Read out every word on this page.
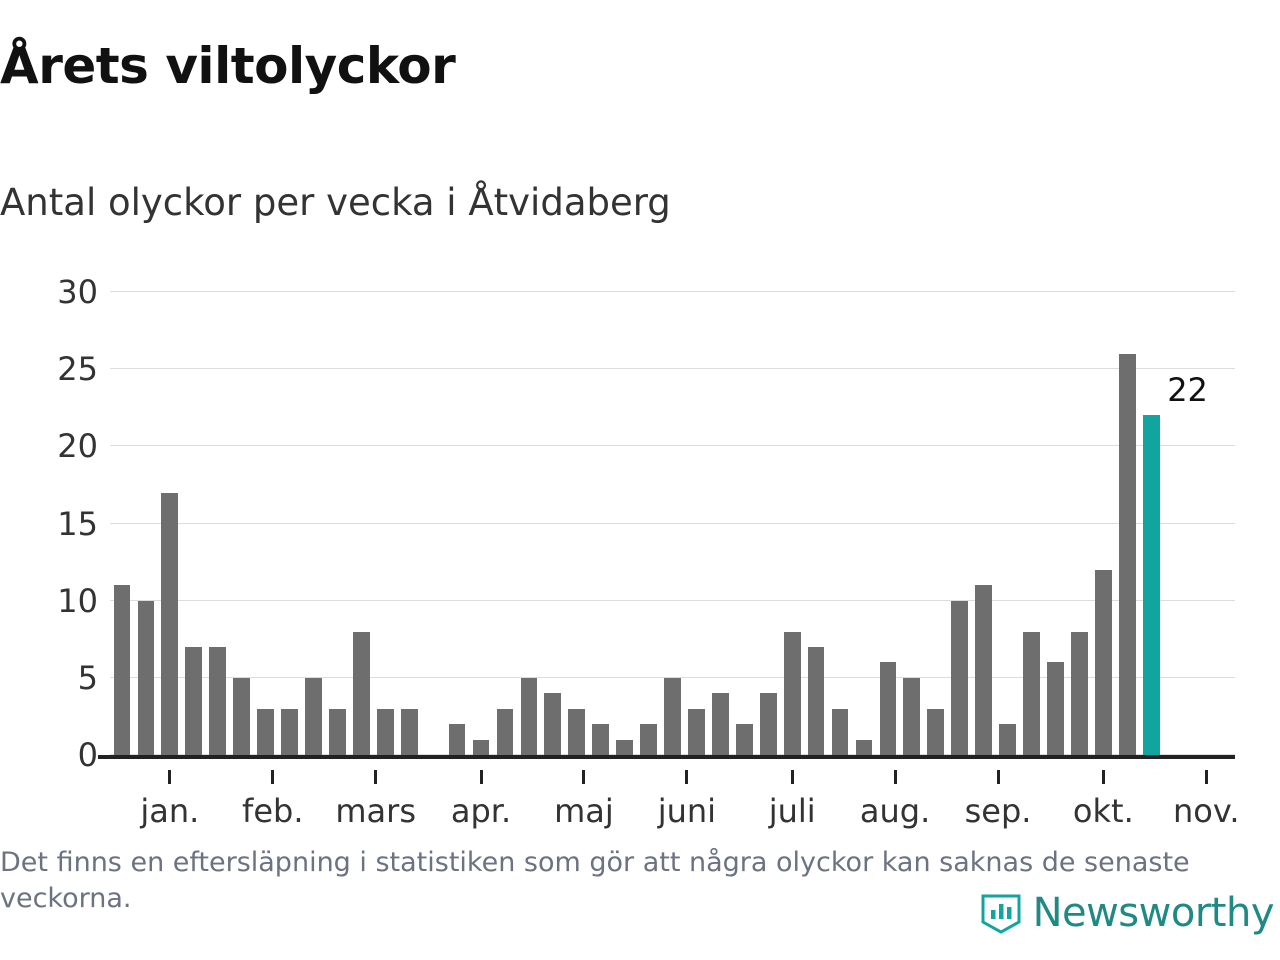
Årets viltolyckor
Antal olyckor per vecka i Åtvidaberg
0
5
10
15
20
25
30
22
jan. feb. mars apr. maj juni juli aug. sep. okt. nov.
Det finns en eftersläpning i statistiken som gör att några olyckor kan saknas de senaste veckorna.	Newsworthy
